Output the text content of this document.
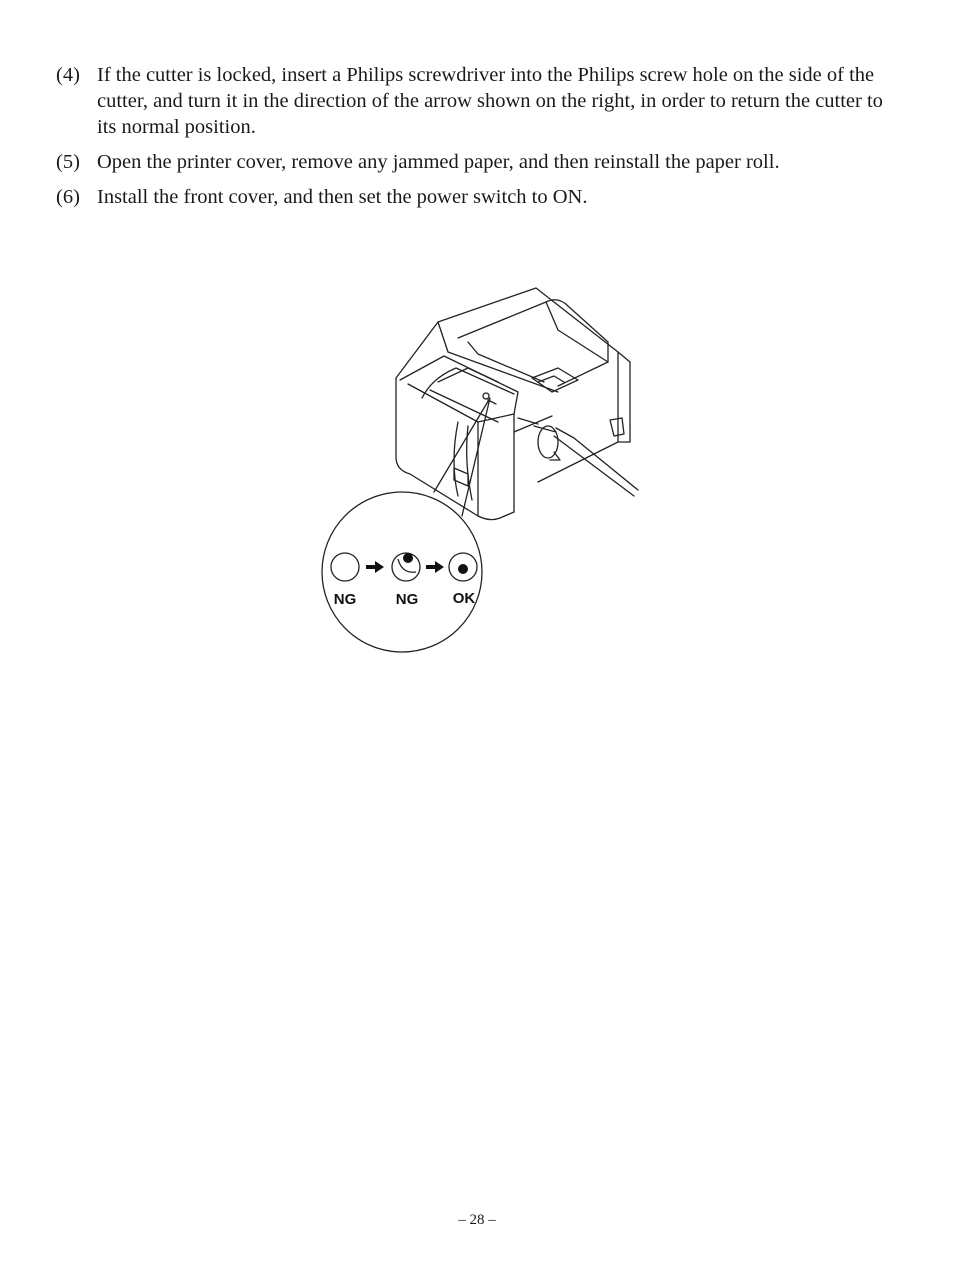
(4) If the cutter is locked, insert a Philips screwdriver into the Philips screw hole on the side of the cutter, and turn it in the direction of the arrow shown on the right, in order to return the cutter to its normal position.
(5) Open the printer cover, remove any jammed paper, and then reinstall the paper roll.
(6) Install the front cover, and then set the power switch to ON.
NG	NG OK
– 28 –
